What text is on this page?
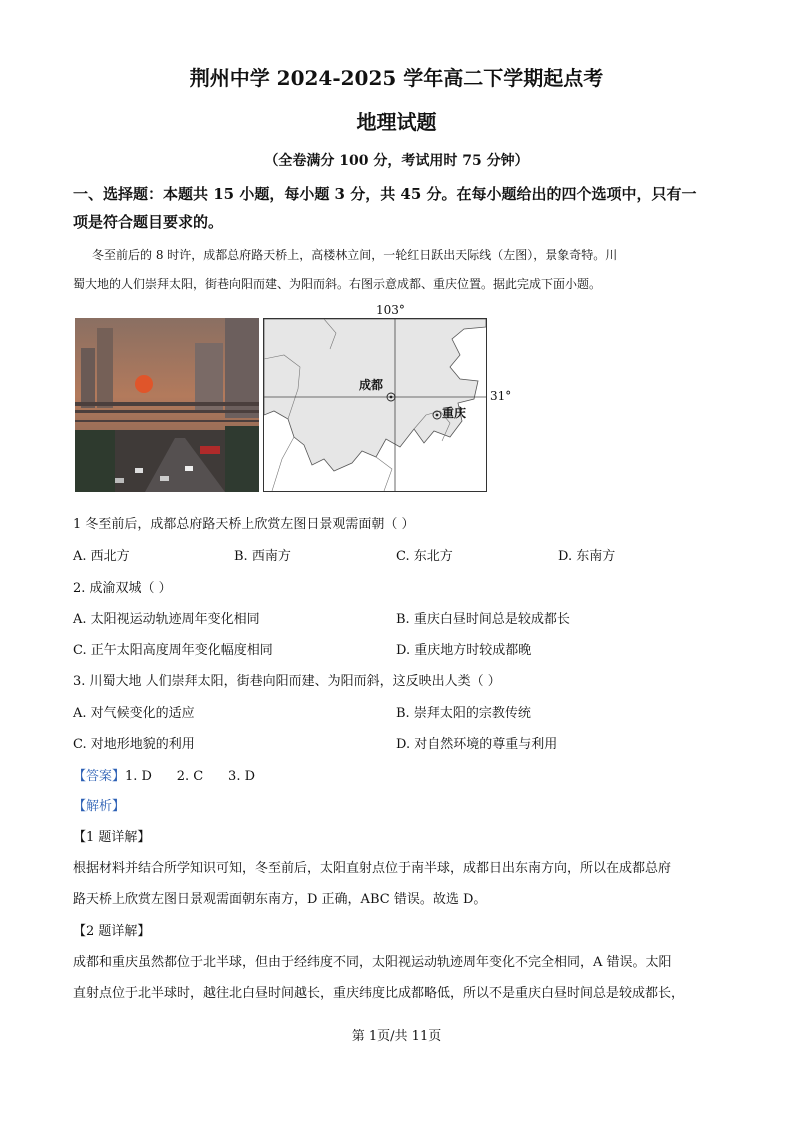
荆州中学 2024-2025 学年高二下学期起点考
地理试题
（全卷满分 100 分，考试用时 75 分钟）
一、选择题：本题共 15 小题，每小题 3 分，共 45 分。在每小题给出的四个选项中，只有一
项是符合题目要求的。
冬至前后的 8 时许，成都总府路天桥上，高楼林立间，一轮红日跃出天际线（左图），景象奇特。川
蜀大地的人们崇拜太阳，街巷向阳而建、为阳而斜。右图示意成都、重庆位置。据此完成下面小题。
103°
31°
成都
重庆
1 冬至前后，成都总府路天桥上欣赏左图日景观需面朝（ ）
A. 西北方	B. 西南方	C. 东北方	D. 东南方
2. 成渝双城（ ）
A. 太阳视运动轨迹周年变化相同	B. 重庆白昼时间总是较成都长
C. 正午太阳高度周年变化幅度相同	D. 重庆地方时较成都晚
3. 川蜀大地 人们崇拜太阳，街巷向阳而建、为阳而斜，这反映出人类（ ）
A. 对气候变化的适应	B. 崇拜太阳的宗教传统
C. 对地形地貌的利用	D. 对自然环境的尊重与利用
【答案】1. D      2. C      3. D
【解析】
【1 题详解】
根据材料并结合所学知识可知，冬至前后，太阳直射点位于南半球，成都日出东南方向，所以在成都总府
路天桥上欣赏左图日景观需面朝东南方，D 正确，ABC 错误。故选 D。
【2 题详解】
成都和重庆虽然都位于北半球，但由于经纬度不同，太阳视运动轨迹周年变化不完全相同，A 错误。太阳
直射点位于北半球时，越往北白昼时间越长，重庆纬度比成都略低，所以不是重庆白昼时间总是较成都长，
第 1页/共 11页
